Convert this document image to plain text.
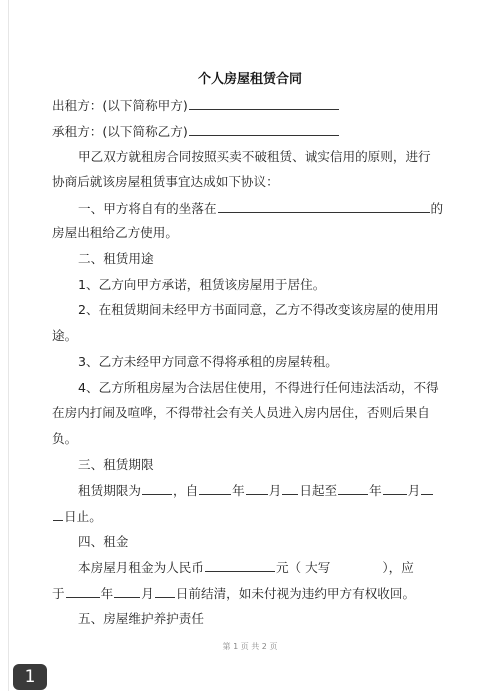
个人房屋租赁合同
出租方：(以下简称甲方)
承租方：(以下简称乙方)
甲乙双方就租房合同按照买卖不破租赁、诚实信用的原则，进行
协商后就该房屋租赁事宜达成如下协议：
一、甲方将自有的坐落在	的
房屋出租给乙方使用。
二、租赁用途
1、乙方向甲方承诺，租赁该房屋用于居住。
2、在租赁期间未经甲方书面同意，乙方不得改变该房屋的使用用
途。
3、乙方未经甲方同意不得将承租的房屋转租。
4、乙方所租房屋为合法居住使用，不得进行任何违法活动，不得
在房内打闹及喧哗，不得带社会有关人员进入房内居住，否则后果自
负。
三、租赁期限
租赁期限为	，自	年 月 日起至	年 月
日止。
四、租金
本房屋月租金为人民币	元（ 大写	），应
于	年 月 日前结清，如未付视为违约甲方有权收回。
五、房屋维护养护责任
第 1 页 共 2 页
1
